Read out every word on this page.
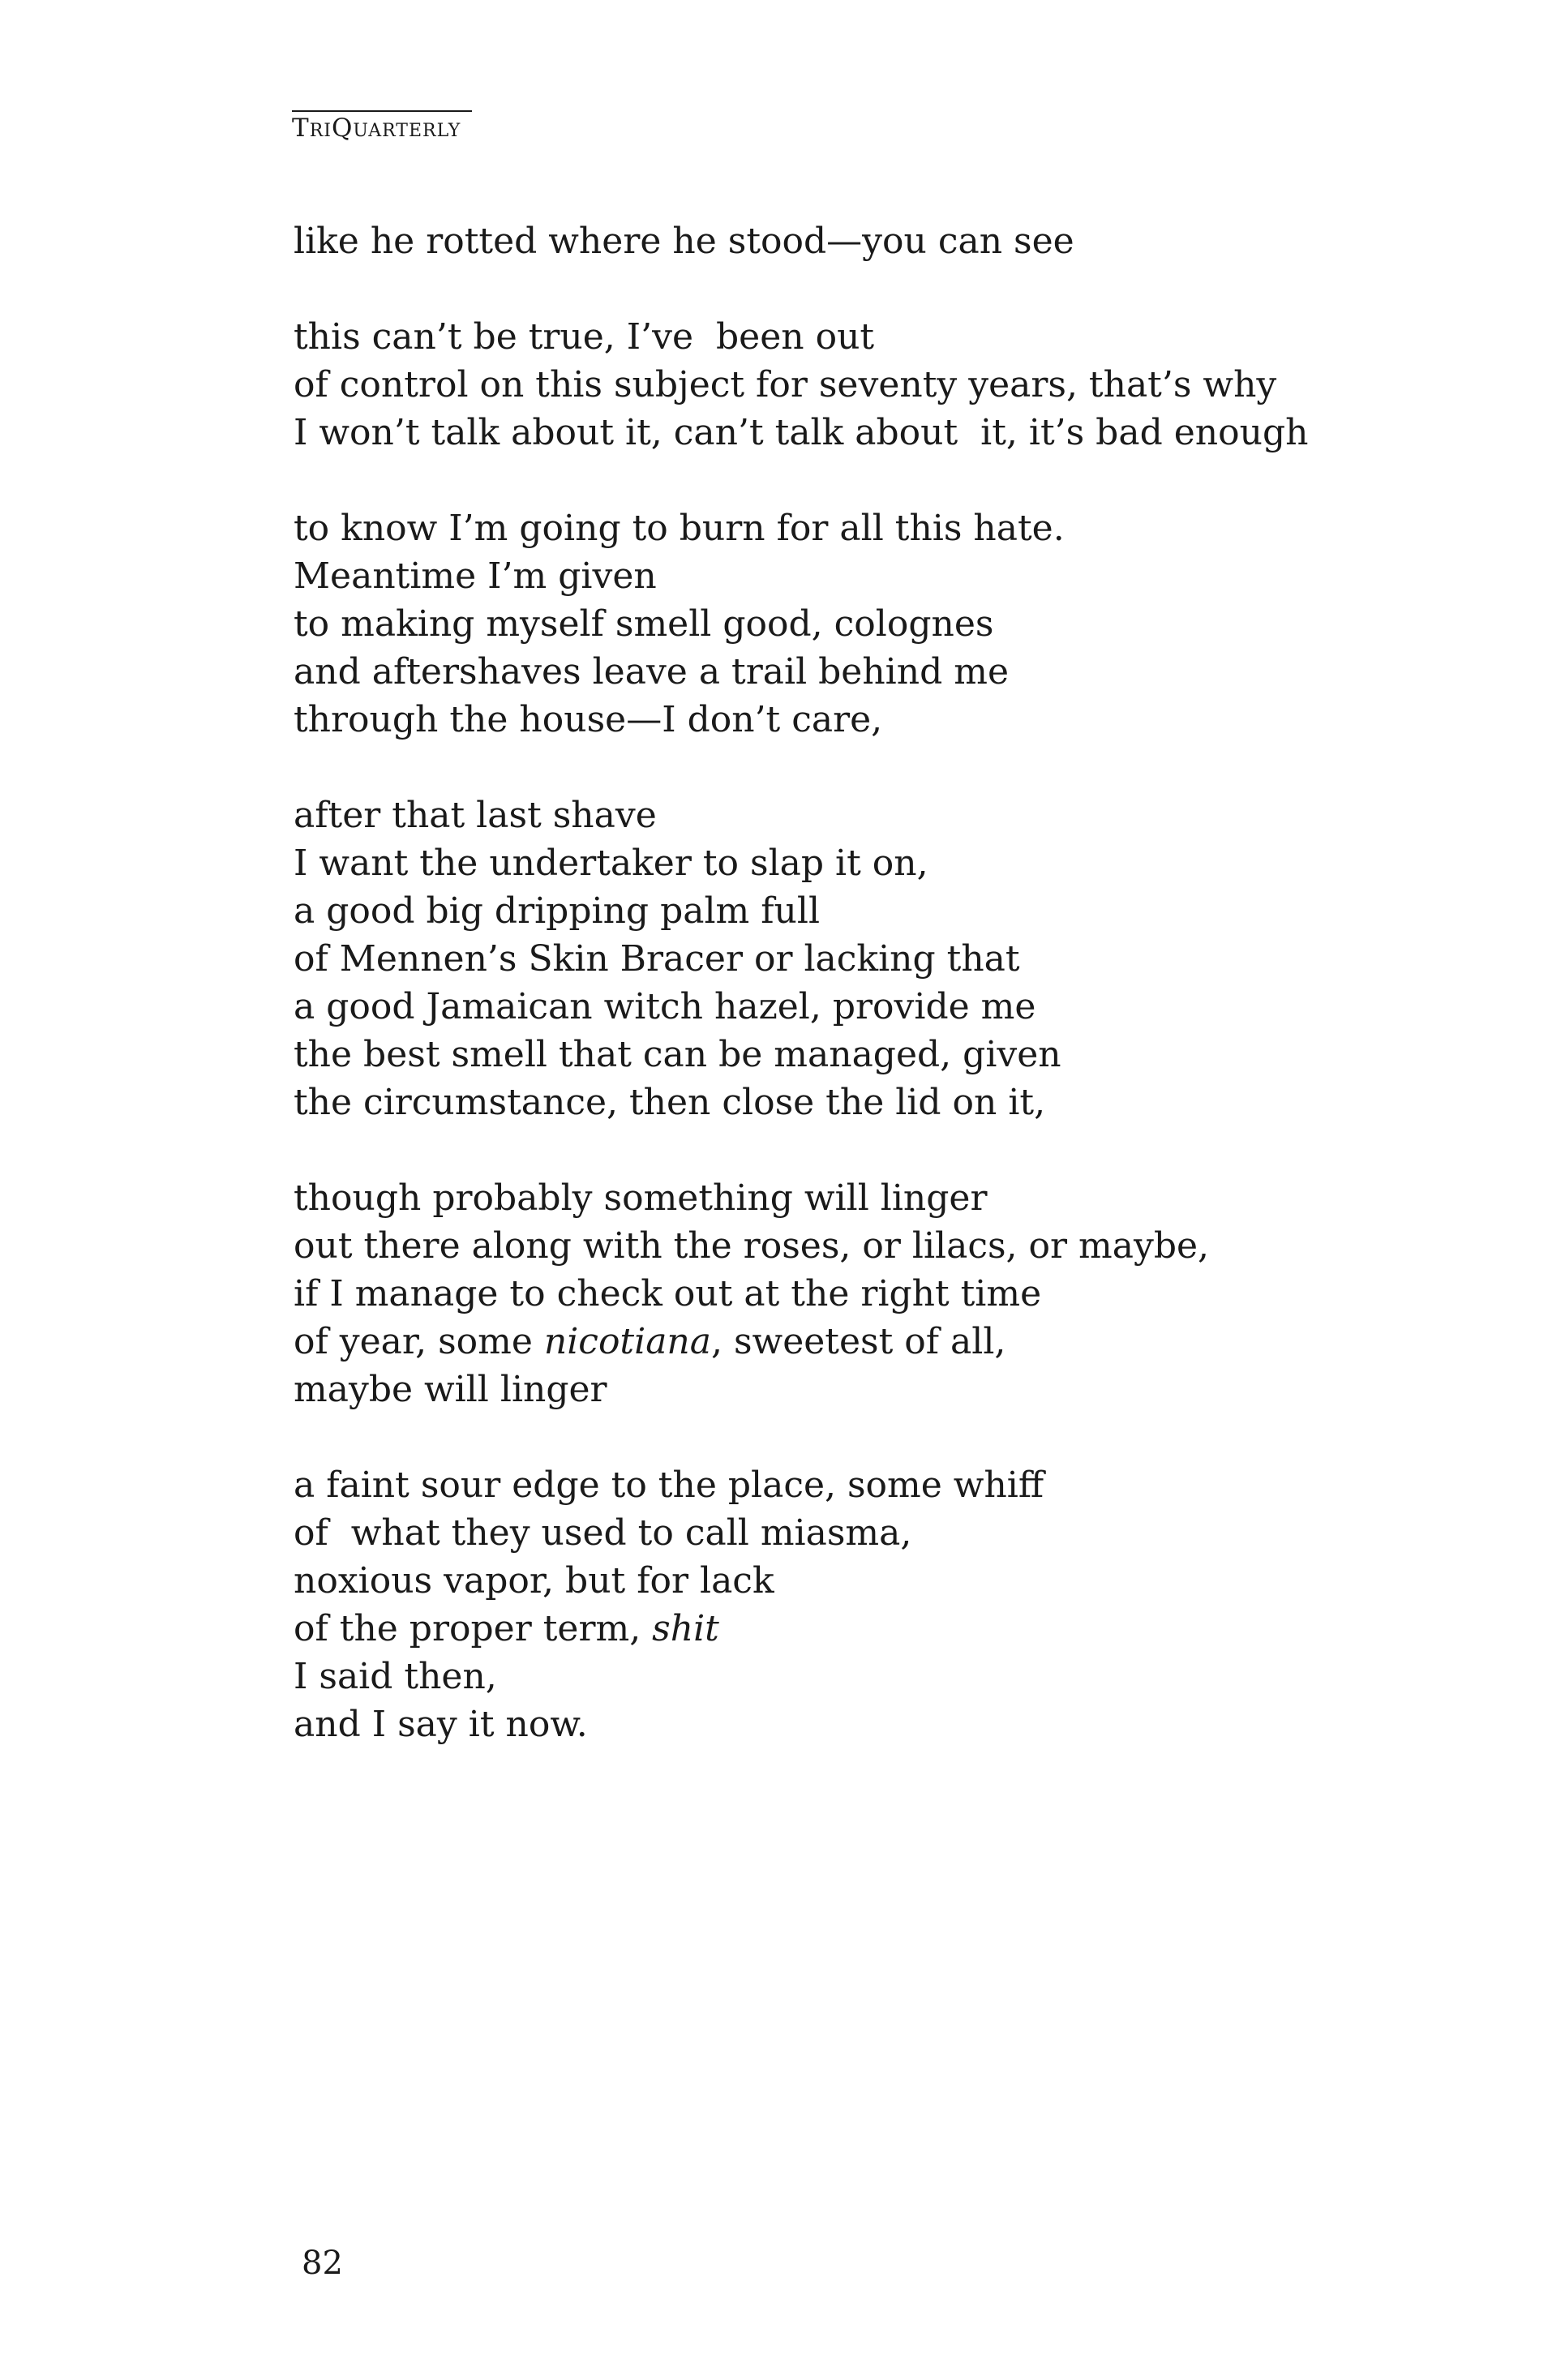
TRIQUARTERLY
like he rotted where he stood—you can see
this can’t be true, I’ve  been out
of control on this subject for seventy years, that’s why
I won’t talk about it, can’t talk about  it, it’s bad enough
to know I’m going to burn for all this hate.
Meantime I’m given
to making myself smell good, colognes
and aftershaves leave a trail behind me
through the house—I don’t care,
after that last shave
I want the undertaker to slap it on,
a good big dripping palm full
of Mennen’s Skin Bracer or lacking that
a good Jamaican witch hazel, provide me
the best smell that can be managed, given
the circumstance, then close the lid on it,
though probably something will linger
out there along with the roses, or lilacs, or maybe,
if I manage to check out at the right time
of year, some nicotiana, sweetest of all,
maybe will linger
a faint sour edge to the place, some whiff
of  what they used to call miasma,
noxious vapor, but for lack
of the proper term, shit
I said then,
and I say it now.
82
